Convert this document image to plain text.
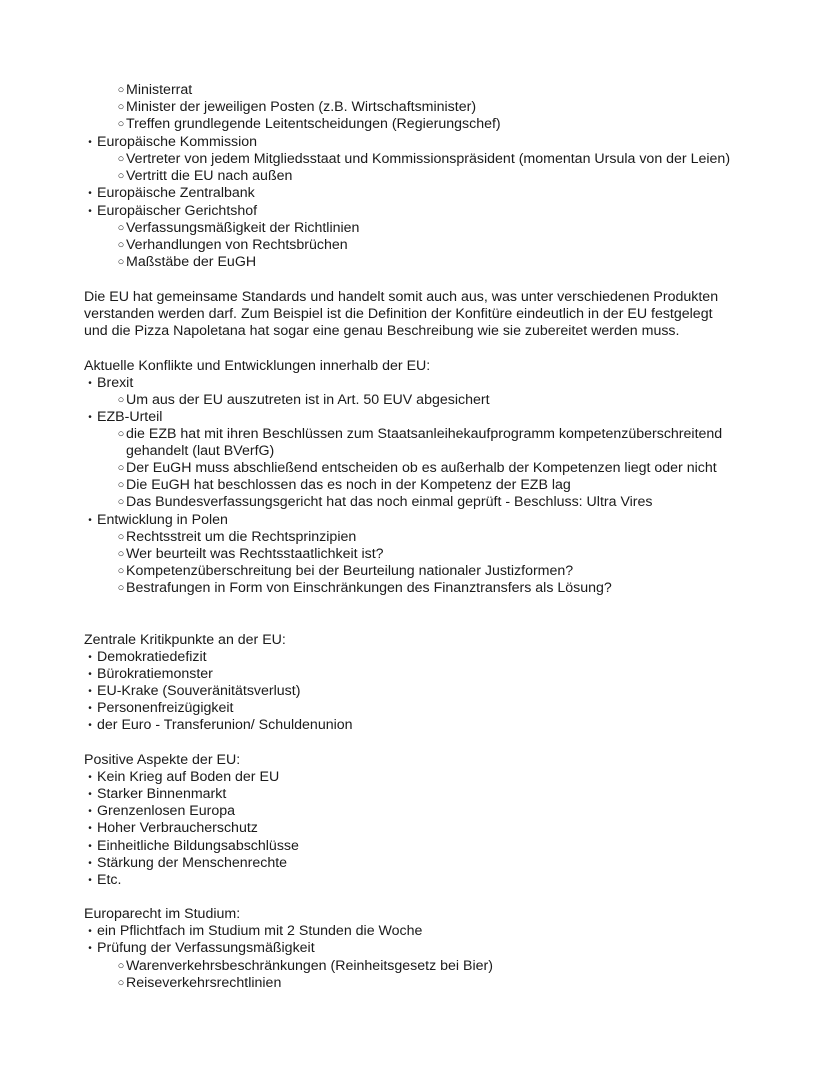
○ Ministerrat
○ Minister der jeweiligen Posten (z.B. Wirtschaftsminister)
○ Treffen grundlegende Leitentscheidungen (Regierungschef)
• Europäische Kommission
○ Vertreter von jedem Mitgliedsstaat und Kommissionspräsident (momentan Ursula von der Leien)
○ Vertritt die EU nach außen
• Europäische Zentralbank
• Europäischer Gerichtshof
○ Verfassungsmäßigkeit der Richtlinien
○ Verhandlungen von Rechtsbrüchen
○ Maßstäbe der EuGH
Die EU hat gemeinsame Standards und handelt somit auch aus, was unter verschiedenen Produkten
verstanden werden darf. Zum Beispiel ist die Definition der Konfitüre eindeutlich in der EU festgelegt
und die Pizza Napoletana hat sogar eine genau Beschreibung wie sie zubereitet werden muss.
Aktuelle Konflikte und Entwicklungen innerhalb der EU:
• Brexit
○ Um aus der EU auszutreten ist in Art. 50 EUV abgesichert
• EZB-Urteil
○ die EZB hat mit ihren Beschlüssen zum Staatsanleihekaufprogramm kompetenzüberschreitend
gehandelt (laut BVerfG)
○ Der EuGH muss abschließend entscheiden ob es außerhalb der Kompetenzen liegt oder nicht
○ Die EuGH hat beschlossen das es noch in der Kompetenz der EZB lag
○ Das Bundesverfassungsgericht hat das noch einmal geprüft - Beschluss: Ultra Vires
• Entwicklung in Polen
○ Rechtsstreit um die Rechtsprinzipien
○ Wer beurteilt was Rechtsstaatlichkeit ist?
○ Kompetenzüberschreitung bei der Beurteilung nationaler Justizformen?
○ Bestrafungen in Form von Einschränkungen des Finanztransfers als Lösung?
Zentrale Kritikpunkte an der EU:
• Demokratiedefizit
• Bürokratiemonster
• EU-Krake (Souveränitätsverlust)
• Personenfreizügigkeit
• der Euro - Transferunion/ Schuldenunion
Positive Aspekte der EU:
• Kein Krieg auf Boden der EU
• Starker Binnenmarkt
• Grenzenlosen Europa
• Hoher Verbraucherschutz
• Einheitliche Bildungsabschlüsse
• Stärkung der Menschenrechte
• Etc.
Europarecht im Studium:
• ein Pflichtfach im Studium mit 2 Stunden die Woche
• Prüfung der Verfassungsmäßigkeit
○ Warenverkehrsbeschränkungen (Reinheitsgesetz bei Bier)
○ Reiseverkehrsrechtlinien
